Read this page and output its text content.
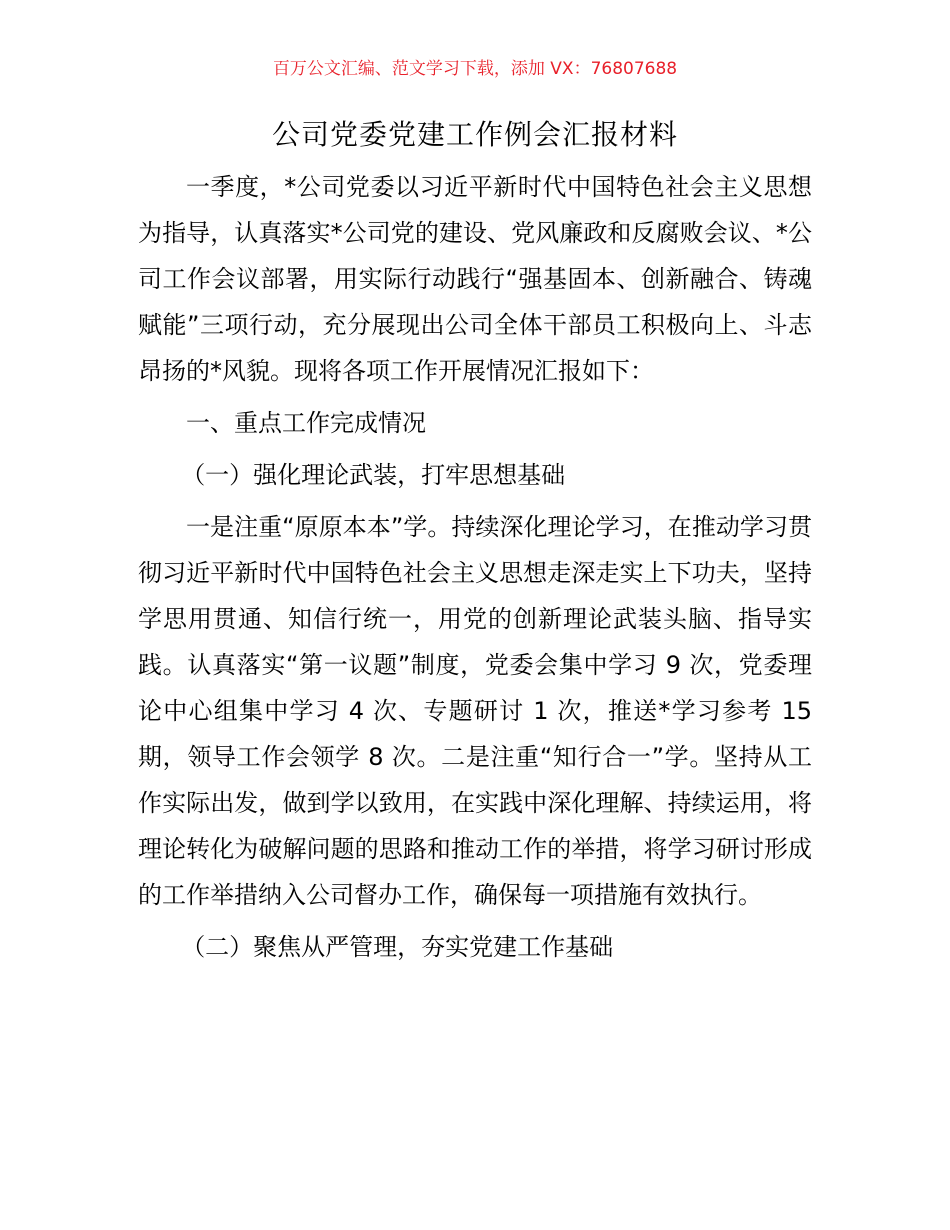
百万公文汇编、范文学习下载，添加 VX：76807688
公司党委党建工作例会汇报材料

一季度，*公司党委以习近平新时代中国特色社会主义思想为指导，认真落实*公司党的建设、党风廉政和反腐败会议、*公司工作会议部署，用实际行动践行“强基固本、创新融合、铸魂赋能”三项行动，充分展现出公司全体干部员工积极向上、斗志昂扬的*风貌。现将各项工作开展情况汇报如下：

一、重点工作完成情况

（一）强化理论武装，打牢思想基础

一是注重“原原本本”学。持续深化理论学习，在推动学习贯彻习近平新时代中国特色社会主义思想走深走实上下功夫，坚持学思用贯通、知信行统一，用党的创新理论武装头脑、指导实践。认真落实“第一议题”制度，党委会集中学习 9 次，党委理论中心组集中学习 4 次、专题研讨 1 次，推送*学习参考 15 期，领导工作会领学 8 次。二是注重“知行合一”学。坚持从工作实际出发，做到学以致用，在实践中深化理解、持续运用，将理论转化为破解问题的思路和推动工作的举措，将学习研讨形成的工作举措纳入公司督办工作，确保每一项措施有效执行。

（二）聚焦从严管理，夯实党建工作基础
